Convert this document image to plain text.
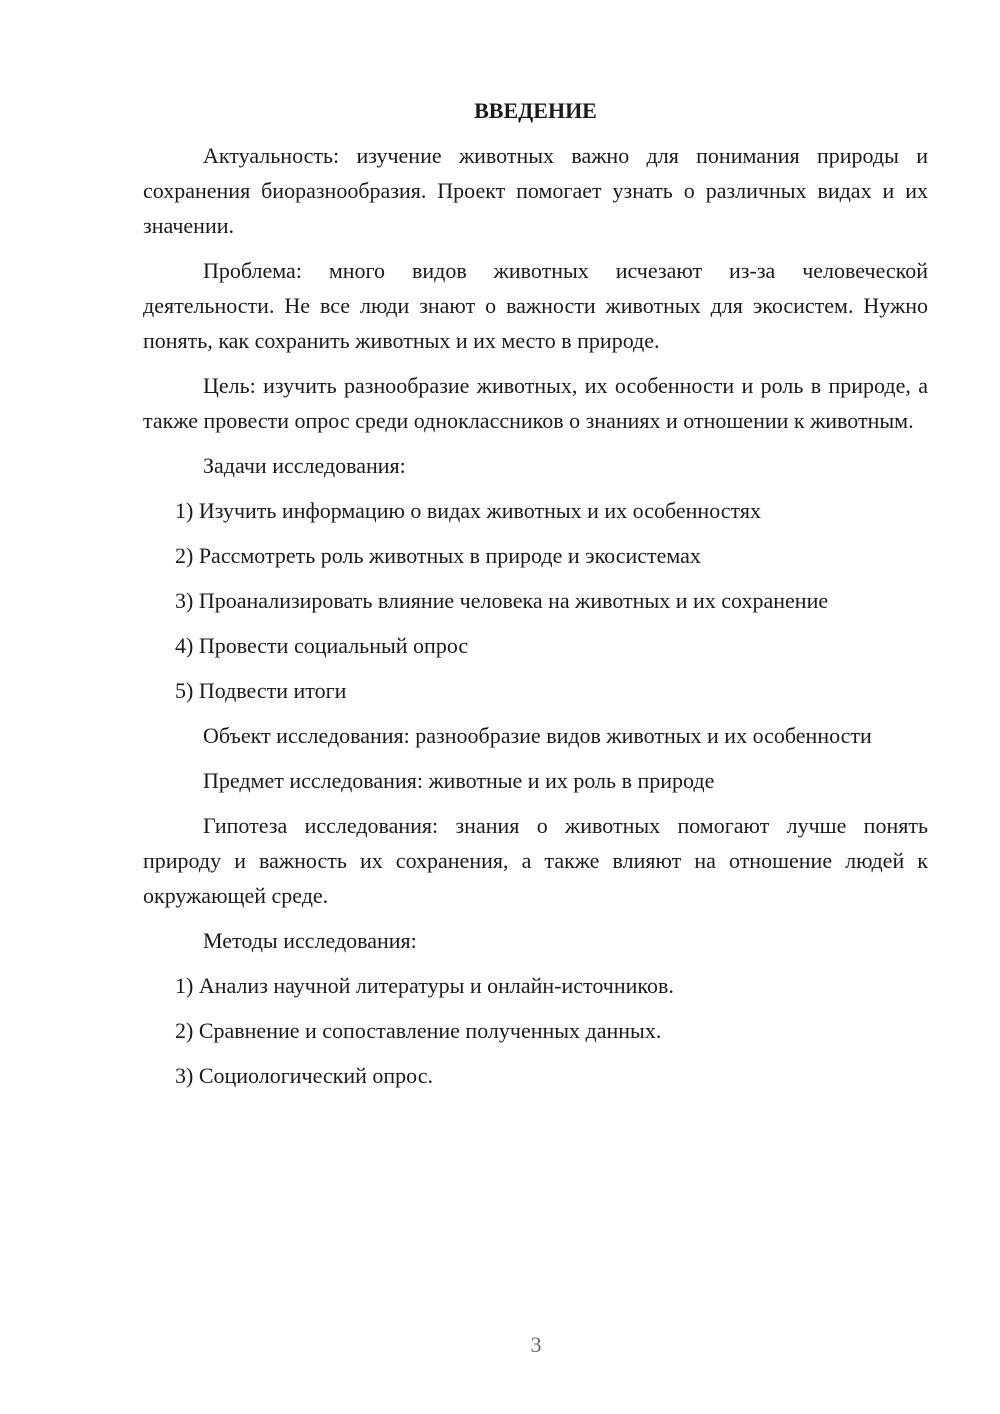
ВВЕДЕНИЕ

Актуальность: изучение животных важно для понимания природы и сохранения биоразнообразия. Проект помогает узнать о различных видах и их значении.

Проблема: много видов животных исчезают из-за человеческой деятельности. Не все люди знают о важности животных для экосистем. Нужно понять, как сохранить животных и их место в природе.

Цель: изучить разнообразие животных, их особенности и роль в природе, а также провести опрос среди одноклассников о знаниях и отношении к животным.

Задачи исследования:
1) Изучить информацию о видах животных и их особенностях
2) Рассмотреть роль животных в природе и экосистемах
3) Проанализировать влияние человека на животных и их сохранение
4) Провести социальный опрос
5) Подвести итоги

Объект исследования: разнообразие видов животных и их особенности

Предмет исследования: животные и их роль в природе

Гипотеза исследования: знания о животных помогают лучше понять природу и важность их сохранения, а также влияют на отношение людей к окружающей среде.

Методы исследования:
1) Анализ научной литературы и онлайн-источников.
2) Сравнение и сопоставление полученных данных.
3) Социологический опрос.
3
